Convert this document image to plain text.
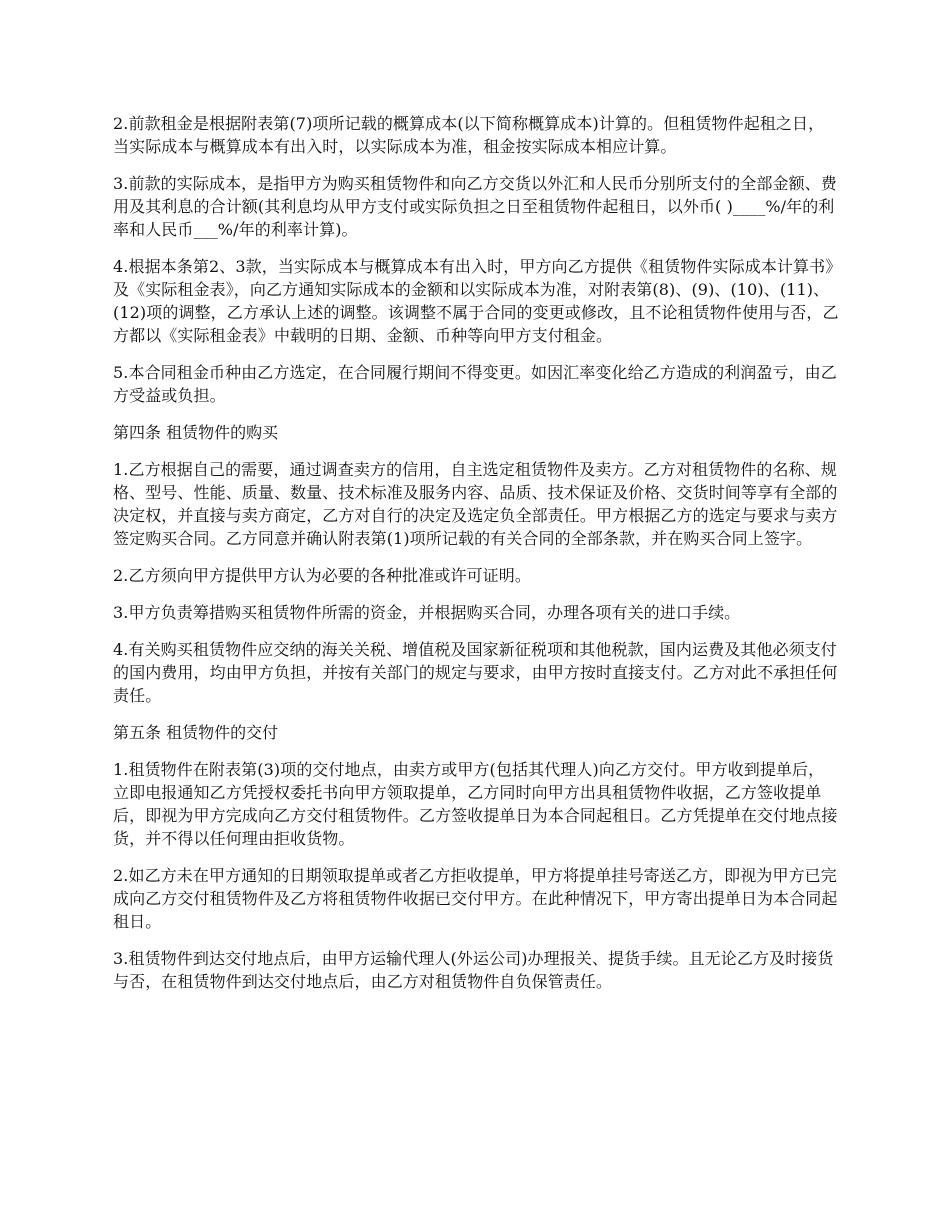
2.前款租金是根据附表第(7)项所记载的概算成本(以下简称概算成本)计算的。但租赁物件起租之日，当实际成本与概算成本有出入时，以实际成本为准，租金按实际成本相应计算。

3.前款的实际成本，是指甲方为购买租赁物件和向乙方交货以外汇和人民币分别所支付的全部金额、费用及其利息的合计额(其利息均从甲方支付或实际负担之日至租赁物件起租日，以外币( )____%/年的利率和人民币___%/年的利率计算)。

4.根据本条第2、3款，当实际成本与概算成本有出入时，甲方向乙方提供《租赁物件实际成本计算书》及《实际租金表》，向乙方通知实际成本的金额和以实际成本为准，对附表第(8)、(9)、(10)、(11)、(12)项的调整，乙方承认上述的调整。该调整不属于合同的变更或修改，且不论租赁物件使用与否，乙方都以《实际租金表》中载明的日期、金额、币种等向甲方支付租金。

5.本合同租金币种由乙方选定，在合同履行期间不得变更。如因汇率变化给乙方造成的利润盈亏，由乙方受益或负担。

第四条 租赁物件的购买

1.乙方根据自己的需要，通过调查卖方的信用，自主选定租赁物件及卖方。乙方对租赁物件的名称、规格、型号、性能、质量、数量、技术标准及服务内容、品质、技术保证及价格、交货时间等享有全部的决定权，并直接与卖方商定，乙方对自行的决定及选定负全部责任。甲方根据乙方的选定与要求与卖方签定购买合同。乙方同意并确认附表第(1)项所记载的有关合同的全部条款，并在购买合同上签字。

2.乙方须向甲方提供甲方认为必要的各种批准或许可证明。

3.甲方负责筹措购买租赁物件所需的资金，并根据购买合同，办理各项有关的进口手续。

4.有关购买租赁物件应交纳的海关关税、增值税及国家新征税项和其他税款，国内运费及其他必须支付的国内费用，均由甲方负担，并按有关部门的规定与要求，由甲方按时直接支付。乙方对此不承担任何责任。

第五条 租赁物件的交付

1.租赁物件在附表第(3)项的交付地点，由卖方或甲方(包括其代理人)向乙方交付。甲方收到提单后，立即电报通知乙方凭授权委托书向甲方领取提单，乙方同时向甲方出具租赁物件收据，乙方签收提单后，即视为甲方完成向乙方交付租赁物件。乙方签收提单日为本合同起租日。乙方凭提单在交付地点接货，并不得以任何理由拒收货物。

2.如乙方未在甲方通知的日期领取提单或者乙方拒收提单，甲方将提单挂号寄送乙方，即视为甲方已完成向乙方交付租赁物件及乙方将租赁物件收据已交付甲方。在此种情况下，甲方寄出提单日为本合同起租日。

3.租赁物件到达交付地点后，由甲方运输代理人(外运公司)办理报关、提货手续。且无论乙方及时接货与否，在租赁物件到达交付地点后，由乙方对租赁物件自负保管责任。
